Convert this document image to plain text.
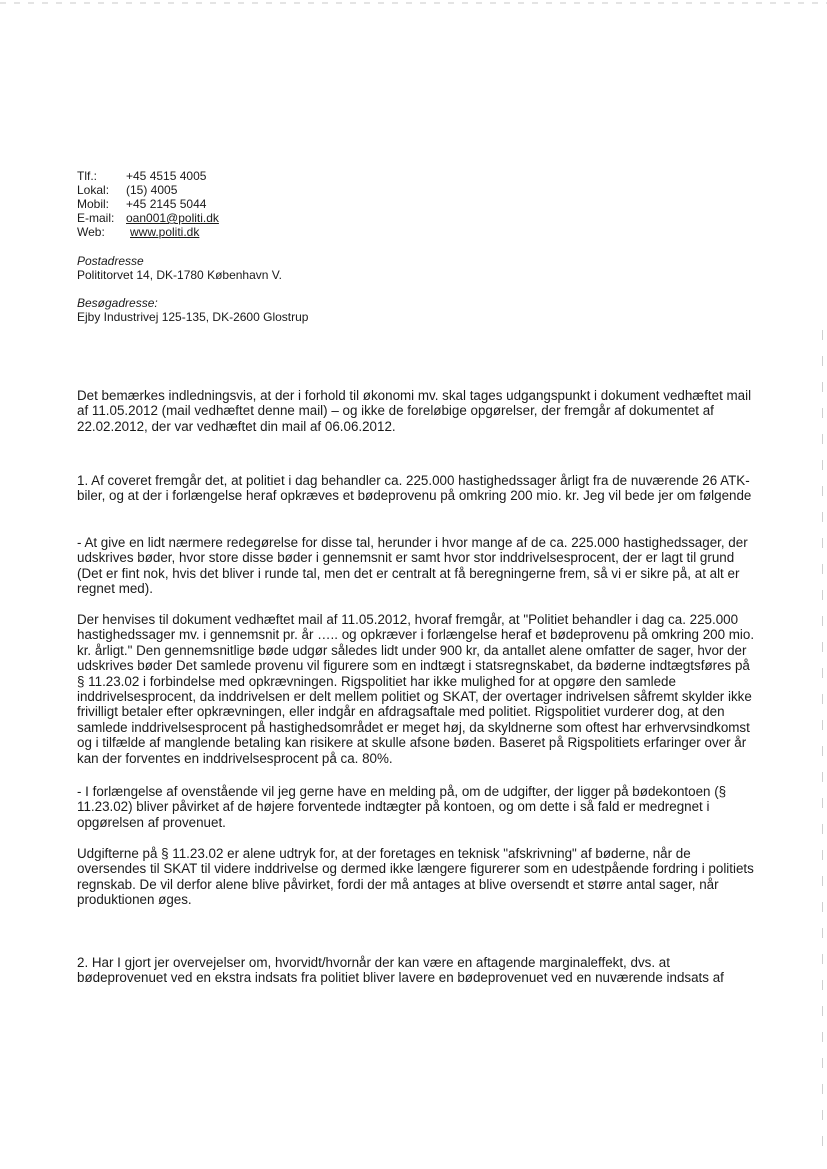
Tlf.:	+45 4515 4005
Lokal:	(15) 4005
Mobil:	+45 2145 5044
E-mail: oan001@politi.dk
Web:	www.politi.dk
Postadresse
Polititorvet 14, DK-1780 København V.
Besøgadresse:
Ejby Industrivej 125-135, DK-2600 Glostrup

Det bemærkes indledningsvis, at der i forhold til økonomi mv. skal tages udgangspunkt i dokument vedhæftet mail af 11.05.2012 (mail vedhæftet denne mail) – og ikke de foreløbige opgørelser, der fremgår af dokumentet af 22.02.2012, der var vedhæftet din mail af 06.06.2012.

1. Af coveret fremgår det, at politiet i dag behandler ca. 225.000 hastighedssager årligt fra de nuværende 26 ATK-biler, og at der i forlængelse heraf opkræves et bødeprovenu på omkring 200 mio. kr. Jeg vil bede jer om følgende

- At give en lidt nærmere redegørelse for disse tal, herunder i hvor mange af de ca. 225.000 hastighedssager, der udskrives bøder, hvor store disse bøder i gennemsnit er samt hvor stor inddrivelsesprocent, der er lagt til grund (Det er fint nok, hvis det bliver i runde tal, men det er centralt at få beregningerne frem, så vi er sikre på, at alt er regnet med).

Der henvises til dokument vedhæftet mail af 11.05.2012, hvoraf fremgår, at "Politiet behandler i dag ca. 225.000 hastighedssager mv. i gennemsnit pr. år ….. og opkræver i forlængelse heraf et bødeprovenu på omkring 200 mio. kr. årligt." Den gennemsnitlige bøde udgør således lidt under 900 kr, da antallet alene omfatter de sager, hvor der udskrives bøder Det samlede provenu vil figurere som en indtægt i statsregnskabet, da bøderne indtægtsføres på § 11.23.02 i forbindelse med opkrævningen. Rigspolitiet har ikke mulighed for at opgøre den samlede inddrivelsesprocent, da inddrivelsen er delt mellem politiet og SKAT, der overtager indrivelsen såfremt skylder ikke frivilligt betaler efter opkrævningen, eller indgår en afdragsaftale med politiet. Rigspolitiet vurderer dog, at den samlede inddrivelsesprocent på hastighedsområdet er meget høj, da skyldnerne som oftest har erhvervsindkomst og i tilfælde af manglende betaling kan risikere at skulle afsone bøden. Baseret på Rigspolitiets erfaringer over år kan der forventes en inddrivelsesprocent på ca. 80%.

- I forlængelse af ovenstående vil jeg gerne have en melding på, om de udgifter, der ligger på bødekontoen (§ 11.23.02) bliver påvirket af de højere forventede indtægter på kontoen, og om dette i så fald er medregnet i opgørelsen af provenuet.

Udgifterne på § 11.23.02 er alene udtryk for, at der foretages en teknisk "afskrivning" af bøderne, når de oversendes til SKAT til videre inddrivelse og dermed ikke længere figurerer som en udestpående fordring i politiets regnskab. De vil derfor alene blive påvirket, fordi der må antages at blive oversendt et større antal sager, når produktionen øges.

2. Har I gjort jer overvejelser om, hvorvidt/hvornår der kan være en aftagende marginaleffekt, dvs. at bødeprovenuet ved en ekstra indsats fra politiet bliver lavere en bødeprovenuet ved en nuværende indsats af
